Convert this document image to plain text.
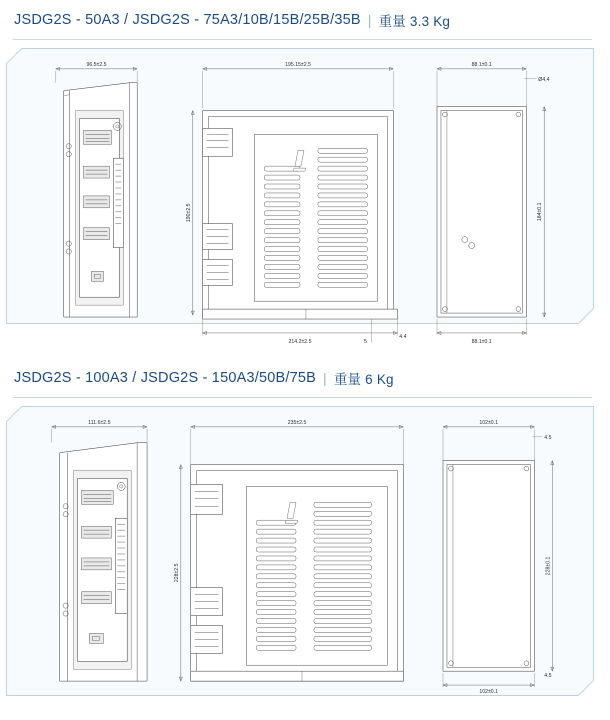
JSDG2S - 50A3 / JSDG2S - 75A3/10B/15B/25B/35B | 重量 3.3 Kg
96.5±2.5	195.15±2.5
190±2.5
214.2±2.5	5
4.4
88.1±0.1
Ø4.4
184±0.1
88.1±0.1
JSDG2S - 100A3 / JSDG2S - 150A3/50B/75B | 重量 6 Kg
111.6±2.5	235±2.5
228±2.5
102±0.1
4.5
228±0.1
102±0.1
4.5
